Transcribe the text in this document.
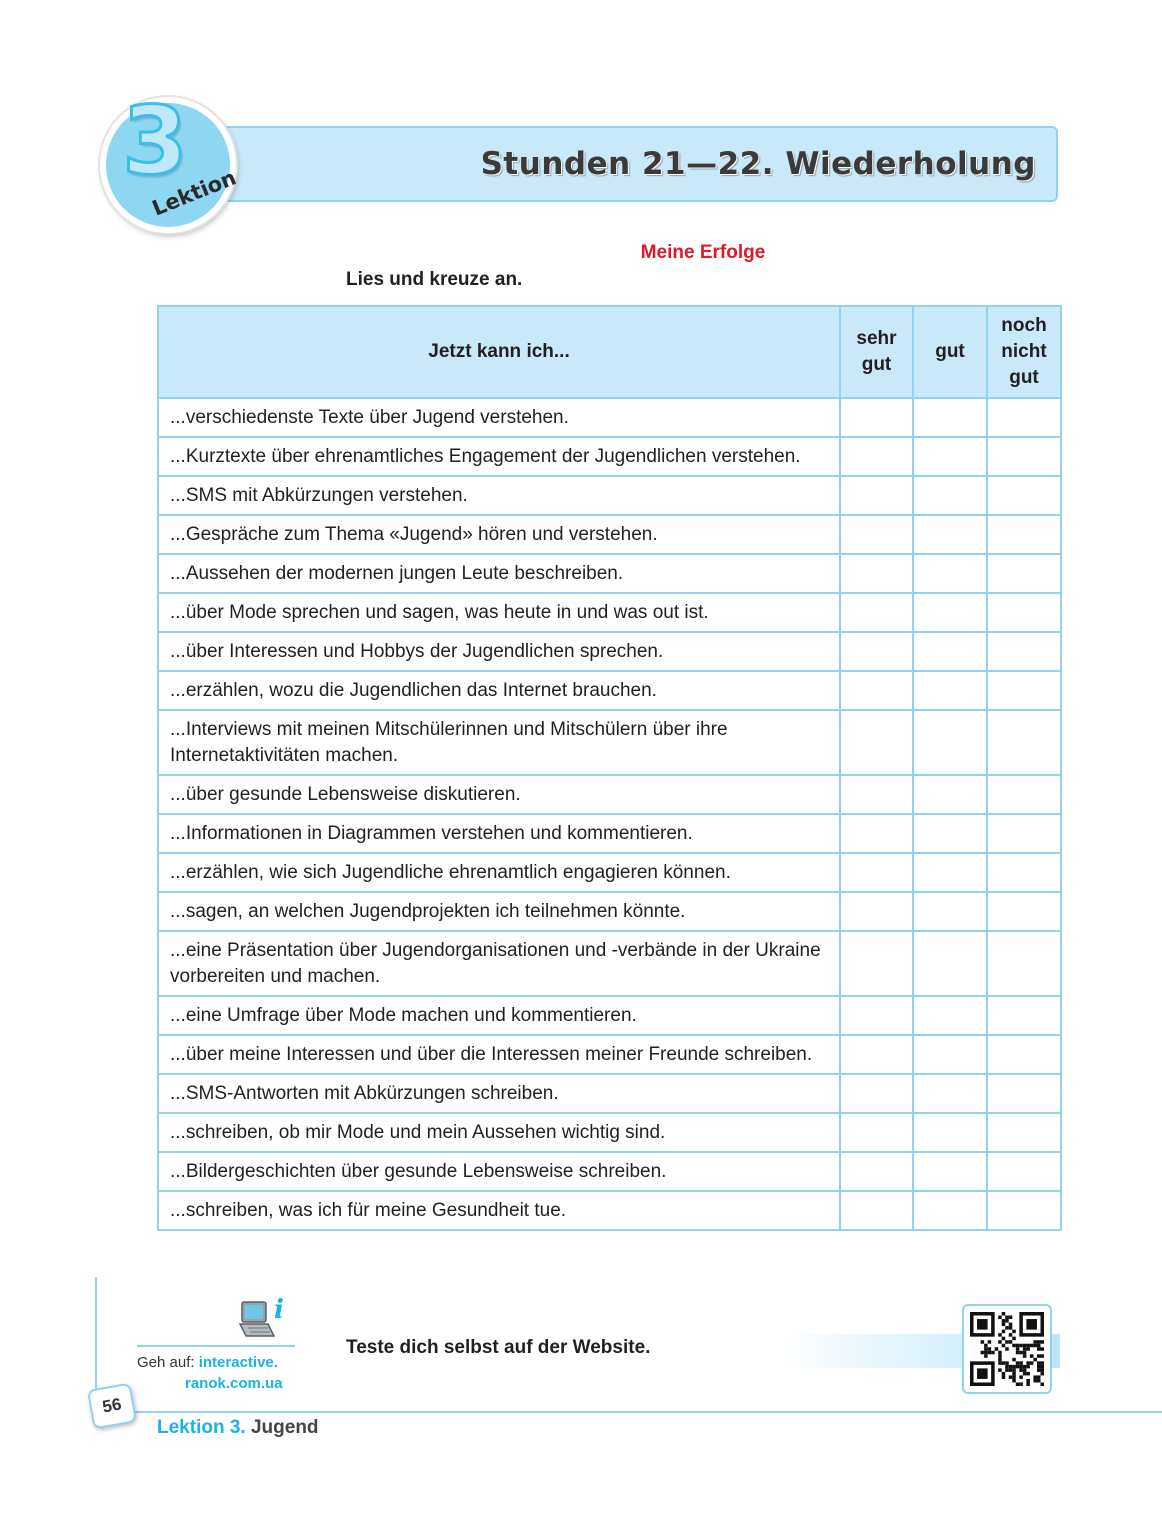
Stunden 21—22. Wiederholung
3
Lektion
Meine Erfolge
Lies und kreuze an.
Jetzt kann ich...	sehr gut	gut	noch nicht gut
...verschiedenste Texte über Jugend verstehen.			
...Kurztexte über ehrenamtliches Engagement der Jugendlichen verstehen.			
...SMS mit Abkürzungen verstehen.			
...Gespräche zum Thema «Jugend» hören und verstehen.			
...Aussehen der modernen jungen Leute beschreiben.			
...über Mode sprechen und sagen, was heute in und was out ist.			
...über Interessen und Hobbys der Jugendlichen sprechen.			
...erzählen, wozu die Jugendlichen das Internet brauchen.			
...Interviews mit meinen Mitschülerinnen und Mitschülern über ihre Internetaktivitäten machen.			
...über gesunde Lebensweise diskutieren.			
...Informationen in Diagrammen verstehen und kommentieren.			
...erzählen, wie sich Jugendliche ehrenamtlich engagieren können.			
...sagen, an welchen Jugendprojekten ich teilnehmen könnte.			
...eine Präsentation über Jugendorganisationen und -verbände in der Ukraine vorbereiten und machen.			
...eine Umfrage über Mode machen und kommentieren.			
...über meine Interessen und über die Interessen meiner Freunde schreiben.			
...SMS-Antworten mit Abkürzungen schreiben.			
...schreiben, ob mir Mode und mein Aussehen wichtig sind.			
...Bildergeschichten über gesunde Lebensweise schreiben.			
...schreiben, was ich für meine Gesundheit tue.			
i
Geh auf: interactive.
ranok.com.ua
Teste dich selbst auf der Website.
56
Lektion 3. Jugend
